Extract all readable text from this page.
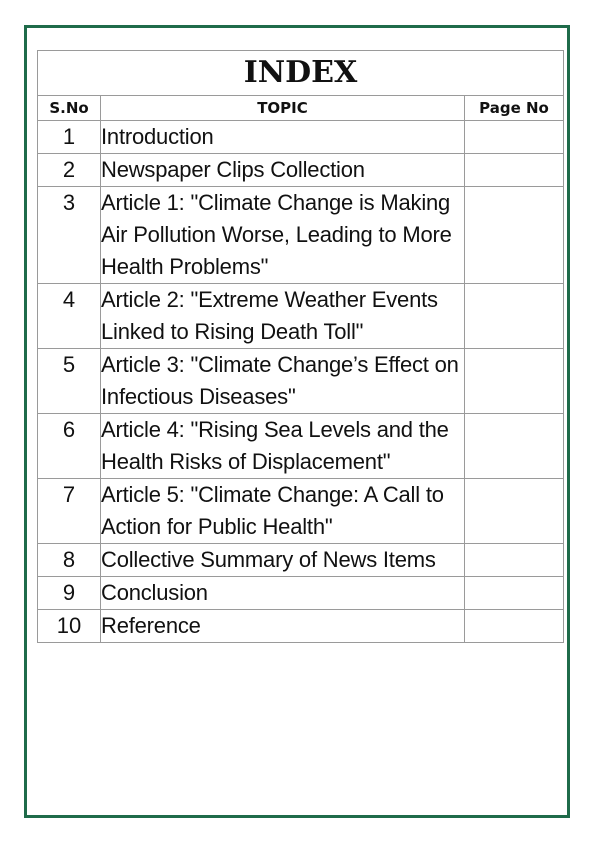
INDEX		
S.No	TOPIC	Page No
1	Introduction	
2	Newspaper Clips Collection	
3	Article 1: "Climate Change is Making Air Pollution Worse, Leading to More Health Problems"	
4	Article 2: "Extreme Weather Events Linked to Rising Death Toll"	
5	Article 3: "Climate Change’s Effect on Infectious Diseases"	
6	Article 4: "Rising Sea Levels and the Health Risks of Displacement"	
7	Article 5: "Climate Change: A Call to Action for Public Health"	
8	Collective Summary of News Items	
9	Conclusion	
10	Reference	
